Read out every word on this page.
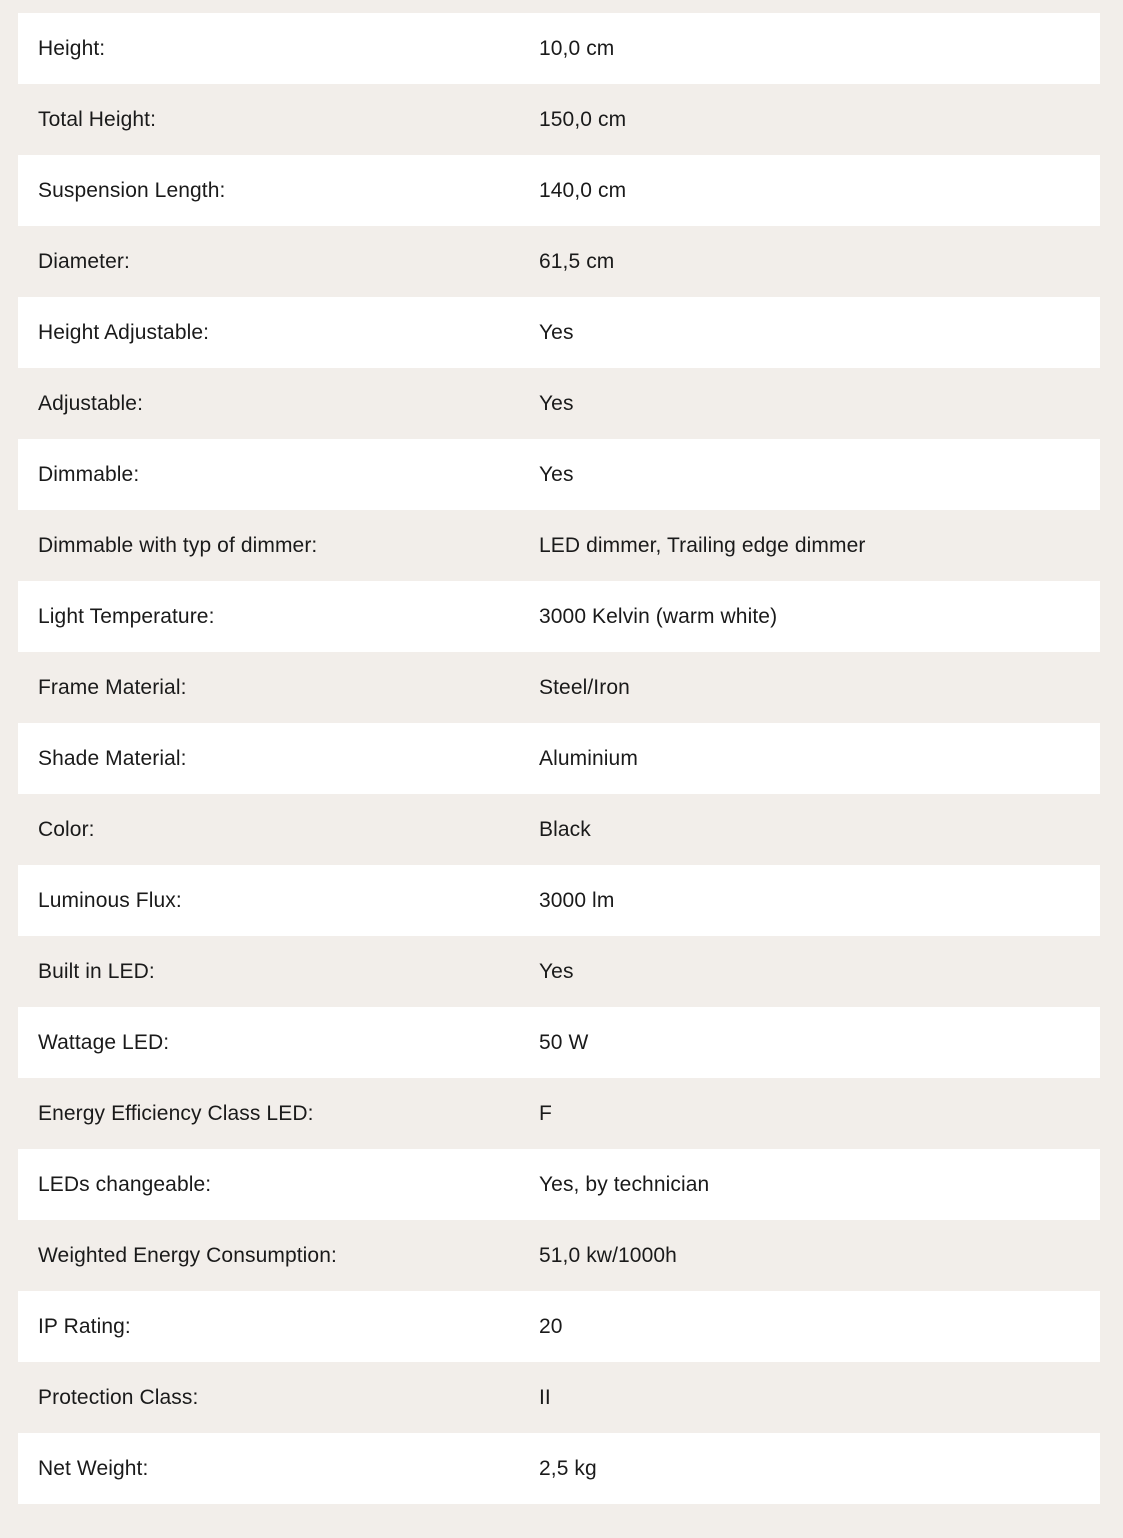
Height:	10,0 cm
Total Height:	150,0 cm
Suspension Length:	140,0 cm
Diameter:	61,5 cm
Height Adjustable:	Yes
Adjustable:	Yes
Dimmable:	Yes
Dimmable with typ of dimmer:	LED dimmer, Trailing edge dimmer
Light Temperature:	3000 Kelvin (warm white)
Frame Material:	Steel/Iron
Shade Material:	Aluminium
Color:	Black
Luminous Flux:	3000 lm
Built in LED:	Yes
Wattage LED:	50 W
Energy Efficiency Class LED:	F
LEDs changeable:	Yes, by technician
Weighted Energy Consumption:	51,0 kw/1000h
IP Rating:	20
Protection Class:	II
Net Weight:	2,5 kg
